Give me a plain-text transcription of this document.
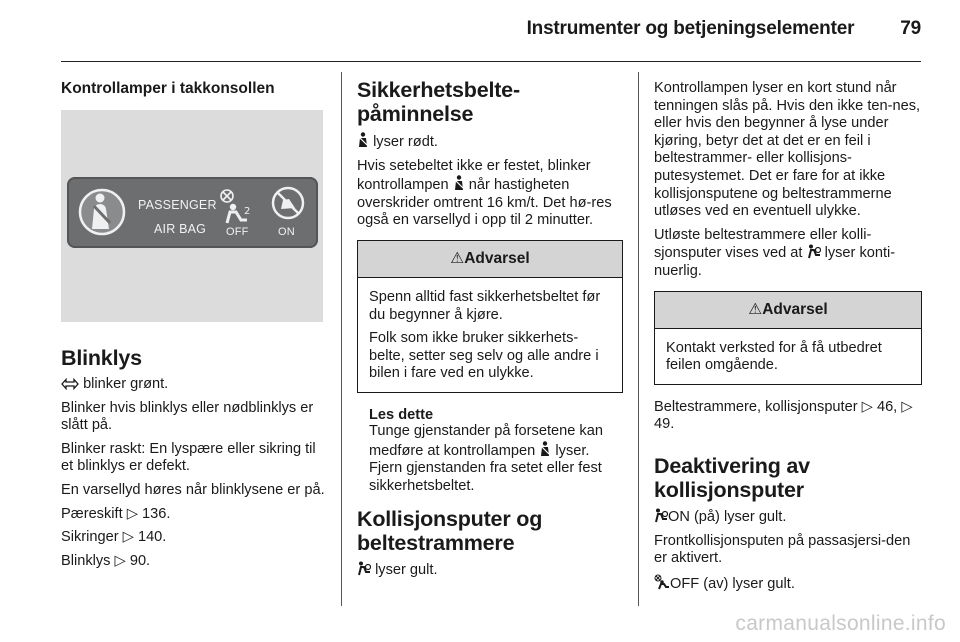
Instrumenter og betjeningselementer 79
Kontrollamper i takkonsollen
PASSENGER
AIR BAG
2
OFF	ON
Blinklys

blinker grønt.

Blinker hvis blinklys eller nødblinklys er slått på.

Blinker raskt: En lyspære eller sikring til et blinklys er defekt.

En varsellyd høres når blinklysene er på.

Pæreskift ▷ 136.

Sikringer ▷ 140.

Blinklys ▷ 90.

Sikkerhetsbelte-påminnelse

lyser rødt.

Hvis setebeltet ikke er festet, blinker kontrollampen når hastigheten overskrider omtrent 16 km/t. Det hø-res også en varsellyd i opp til 2 minutter.

⚠Advarsel

Spenn alltid fast sikkerhetsbeltet før du begynner å kjøre.

Folk som ikke bruker sikkerhets-belte, setter seg selv og alle andre i bilen i fare ved en ulykke.

Les dette

Tunge gjenstander på forsetene kan medføre at kontrollampen lyser. Fjern gjenstanden fra setet eller fest sikkerhetsbeltet.

Kollisjonsputer og beltestrammere

lyser gult.

Kontrollampen lyser en kort stund når tenningen slås på. Hvis den ikke ten-nes, eller hvis den begynner å lyse under kjøring, betyr det at det er en feil i beltestrammer- eller kollisjons-putesystemet. Det er fare for at ikke kollisjonsputene og beltestrammerne utløses ved en eventuell ulykke.

Utløste beltestrammere eller kolli-sjonsputer vises ved at lyser konti-nuerlig.

⚠Advarsel

Kontakt verksted for å få utbedret feilen omgående.

Beltestrammere, kollisjonsputer ▷ 46, ▷ 49.

Deaktivering av kollisjonsputer

ON (på) lyser gult.

Frontkollisjonsputen på passasjersi-den er aktivert.

OFF (av) lyser gult.

carmanualsonline.info
